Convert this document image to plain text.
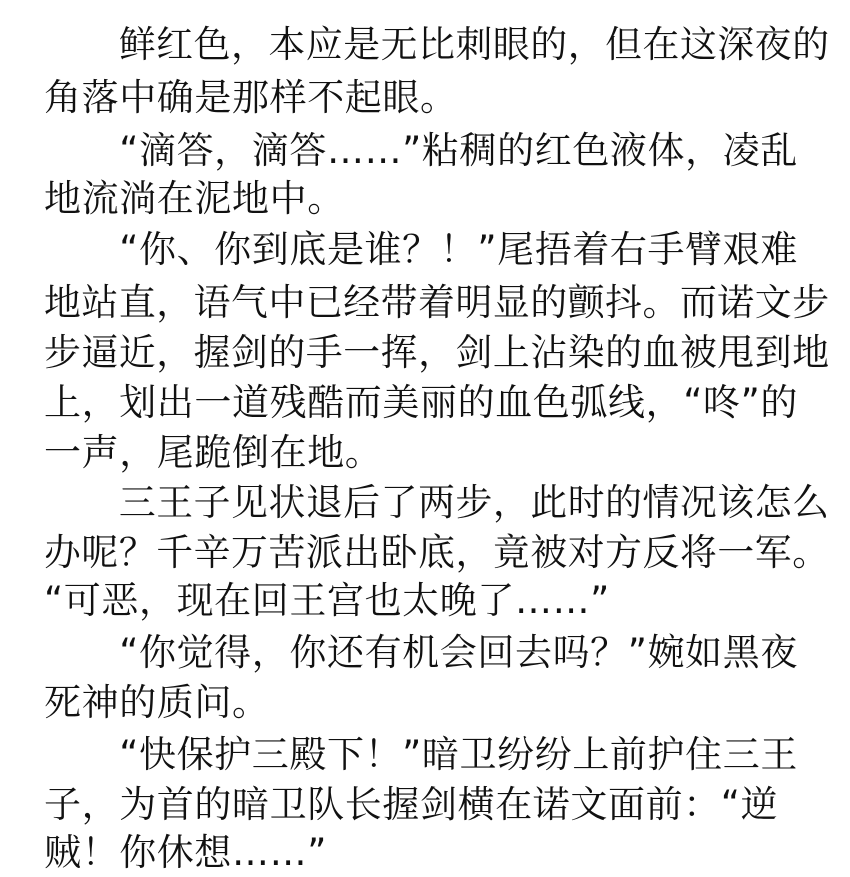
　　鲜红色，本应是无比刺眼的，但在这深夜的
角落中确是那样不起眼。
　　“滴答，滴答……”粘稠的红色液体，凌乱
地流淌在泥地中。
　　“你、你到底是谁？！”尾捂着右手臂艰难
地站直，语气中已经带着明显的颤抖。而诺文步
步逼近，握剑的手一挥，剑上沾染的血被甩到地
上，划出一道残酷而美丽的血色弧线，“咚”的
一声，尾跪倒在地。
　　三王子见状退后了两步，此时的情况该怎么
办呢？千辛万苦派出卧底，竟被对方反将一军。
“可恶，现在回王宫也太晚了……”
　　“你觉得，你还有机会回去吗？”婉如黑夜
死神的质问。
　　“快保护三殿下！”暗卫纷纷上前护住三王
子，为首的暗卫队长握剑横在诺文面前：“逆
贼！你休想……”
